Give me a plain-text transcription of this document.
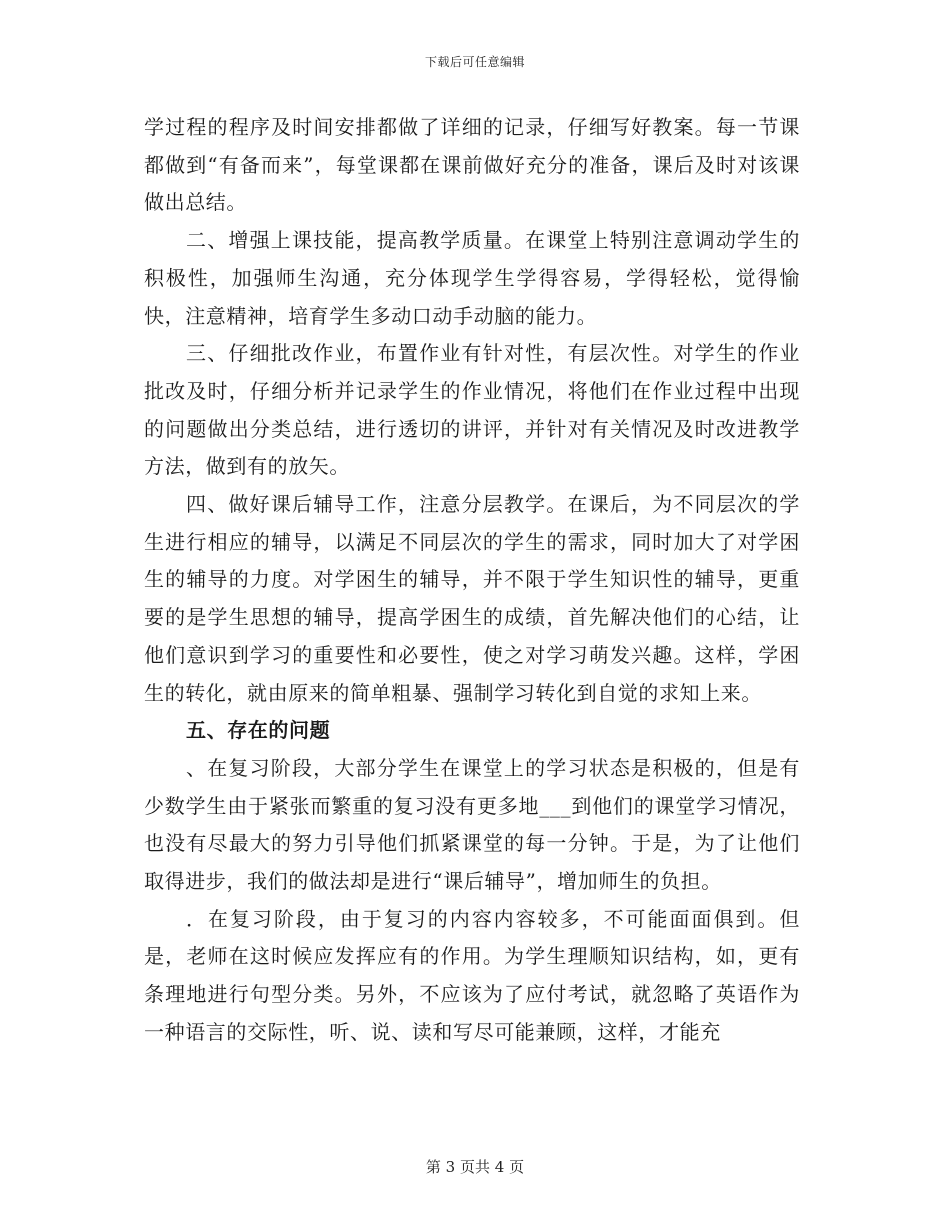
下载后可任意编辑

学过程的程序及时间安排都做了详细的记录，仔细写好教案。每一节课都做到“有备而来”，每堂课都在课前做好充分的准备，课后及时对该课做出总结。

二、增强上课技能，提高教学质量。在课堂上特别注意调动学生的积极性，加强师生沟通，充分体现学生学得容易，学得轻松，觉得愉快，注意精神，培育学生多动口动手动脑的能力。

三、仔细批改作业，布置作业有针对性，有层次性。对学生的作业批改及时，仔细分析并记录学生的作业情况，将他们在作业过程中出现的问题做出分类总结，进行透切的讲评，并针对有关情况及时改进教学方法，做到有的放矢。

四、做好课后辅导工作，注意分层教学。在课后，为不同层次的学生进行相应的辅导，以满足不同层次的学生的需求，同时加大了对学困生的辅导的力度。对学困生的辅导，并不限于学生知识性的辅导，更重要的是学生思想的辅导，提高学困生的成绩，首先解决他们的心结，让他们意识到学习的重要性和必要性，使之对学习萌发兴趣。这样，学困生的转化，就由原来的简单粗暴、强制学习转化到自觉的求知上来。

五、存在的问题

、在复习阶段，大部分学生在课堂上的学习状态是积极的，但是有少数学生由于紧张而繁重的复习没有更多地___到他们的课堂学习情况，也没有尽最大的努力引导他们抓紧课堂的每一分钟。于是，为了让他们取得进步，我们的做法却是进行“课后辅导”，增加师生的负担。

．在复习阶段，由于复习的内容内容较多，不可能面面俱到。但是，老师在这时候应发挥应有的作用。为学生理顺知识结构，如，更有条理地进行句型分类。另外，不应该为了应付考试，就忽略了英语作为一种语言的交际性，听、说、读和写尽可能兼顾，这样，才能充

第 3 页共 4 页
